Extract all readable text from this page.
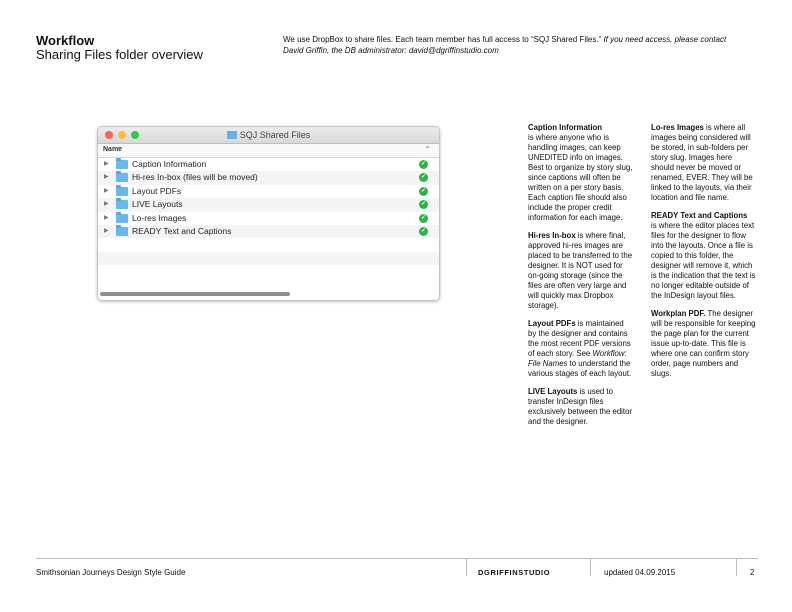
Workflow
Sharing Files folder overview
We use DropBox to share files. Each team member has full access to “SQJ Shared Files.” If you need access, please contact David Griffin, the DB administrator: david@dgriffinstudio.com
SQJ Shared Files
Name	⌃
▶	Caption Information	✓
▶	Hi-res In-box (files will be moved)	✓
▶	Layout PDFs	✓
▶	LIVE Layouts	✓
▶	Lo-res Images	✓
▶	READY Text and Captions	✓

Caption Information
is where anyone who is handling images, can keep UNEDITED info on images. Best to organize by story slug, since captions will often be written on a per story basis. Each caption file should also include the proper credit information for each image.

Hi-res In-box is where final, approved hi-res images are placed to be transferred to the designer. It is NOT used for on-going storage (since the files are often very large and will quickly max Dropbox storage).

Layout PDFs is maintained by the designer and contains the most recent PDF versions of each story. See Workflow: File Names to understand the various stages of each layout.

LIVE Layouts is used to transfer InDesign files exclusively between the editor and the designer.

Lo-res Images is where all images being considered will be stored, in sub-folders per story slug. Images here should never be moved or renamed, EVER. They will be linked to the layouts, via their location and file name.

READY Text and Captions
is where the editor places text files for the designer to flow into the layouts. Once a file is copied to this folder, the designer will remove it, which is the indication that the text is no longer editable outside of the InDesign layout files.

Workplan PDF. The designer will be responsible for keeping the page plan for the current issue up-to-date. This file is where one can confirm story order, page numbers and slugs.

Smithsonian Journeys Design Style Guide	DGRIFFINSTUDIO	updated 04.09.2015	2
